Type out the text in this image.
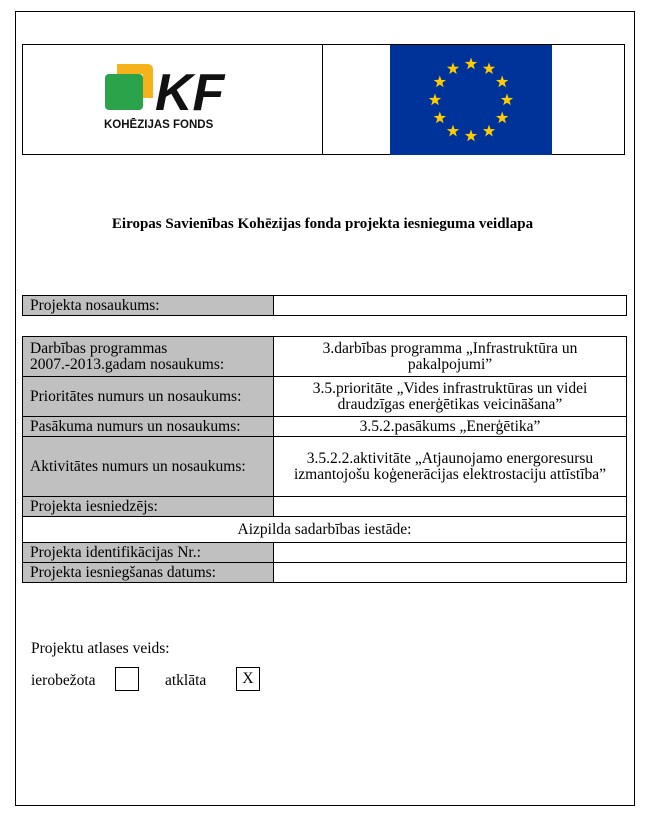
KF
KOHĒZIJAS FONDS
Eiropas Savienības Kohēzijas fonda projekta iesnieguma veidlapa
Projekta nosaukums:	
Darbības programmas 2007.-2013.gadam nosaukums:	3.darbības programma „Infrastruktūra un pakalpojumi”
Prioritātes numurs un nosaukums:	3.5.prioritāte „Vides infrastruktūras un videi draudzīgas enerģētikas veicināšana”
Pasākuma numurs un nosaukums:	3.5.2.pasākums „Enerģētika”
Aktivitātes numurs un nosaukums:	3.5.2.2.aktivitāte „Atjaunojamo energoresursu izmantojošu koģenerācijas elektrostaciju attīstība”
Projekta iesniedzējs:	
Aizpilda sadarbības iestāde:	
Projekta identifikācijas Nr.:	
Projekta iesniegšanas datums:	
Projektu atlases veids:
ierobežota	atklāta	X
